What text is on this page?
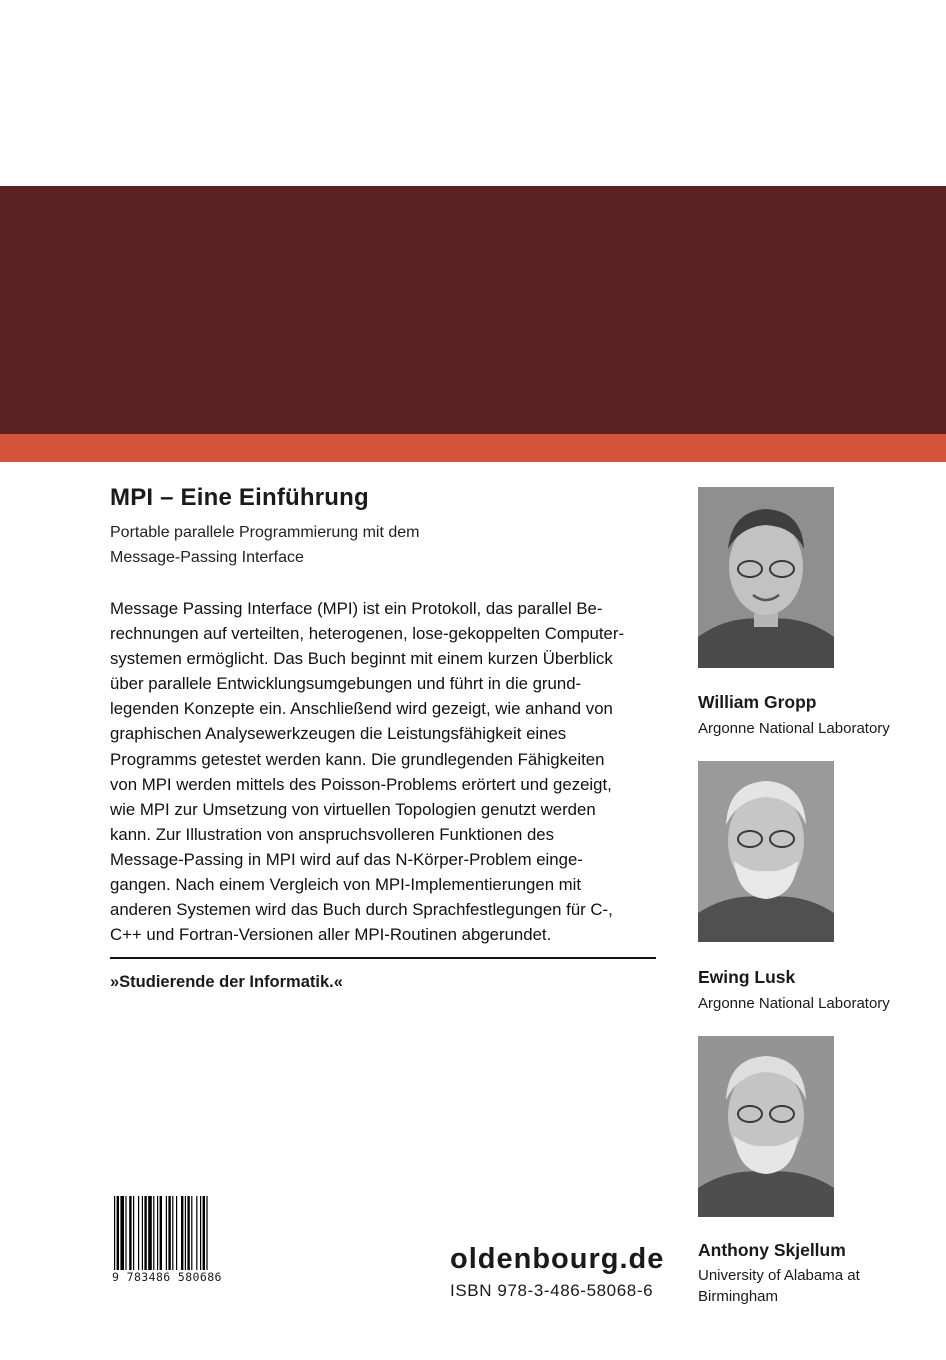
MPI – Eine Einführung
Portable parallele Programmierung mit dem
Message-Passing Interface
Message Passing Interface (MPI) ist ein Protokoll, das parallel Be-
rechnungen auf verteilten, heterogenen, lose-gekoppelten Computer-
systemen ermöglicht. Das Buch beginnt mit einem kurzen Überblick
über parallele Entwicklungsumgebungen und führt in die grund-
legenden Konzepte ein. Anschließend wird gezeigt, wie anhand von
graphischen Analysewerkzeugen die Leistungsfähigkeit eines
Programms getestet werden kann. Die grundlegenden Fähigkeiten
von MPI werden mittels des Poisson-Problems erörtert und gezeigt,
wie MPI zur Umsetzung von virtuellen Topologien genutzt werden
kann. Zur Illustration von anspruchsvolleren Funktionen des
Message-Passing in MPI wird auf das N-Körper-Problem einge-
gangen. Nach einem Vergleich von MPI-Implementierungen mit
anderen Systemen wird das Buch durch Sprachfestlegungen für C-,
C++ und Fortran-Versionen aller MPI-Routinen abgerundet.
»Studierende der Informatik.«
William Gropp
Argonne National Laboratory
Ewing Lusk
Argonne National Laboratory
Anthony Skjellum
University of Alabama at Birmingham
9 783486 580686
oldenbourg.de
ISBN 978-3-486-58068-6
